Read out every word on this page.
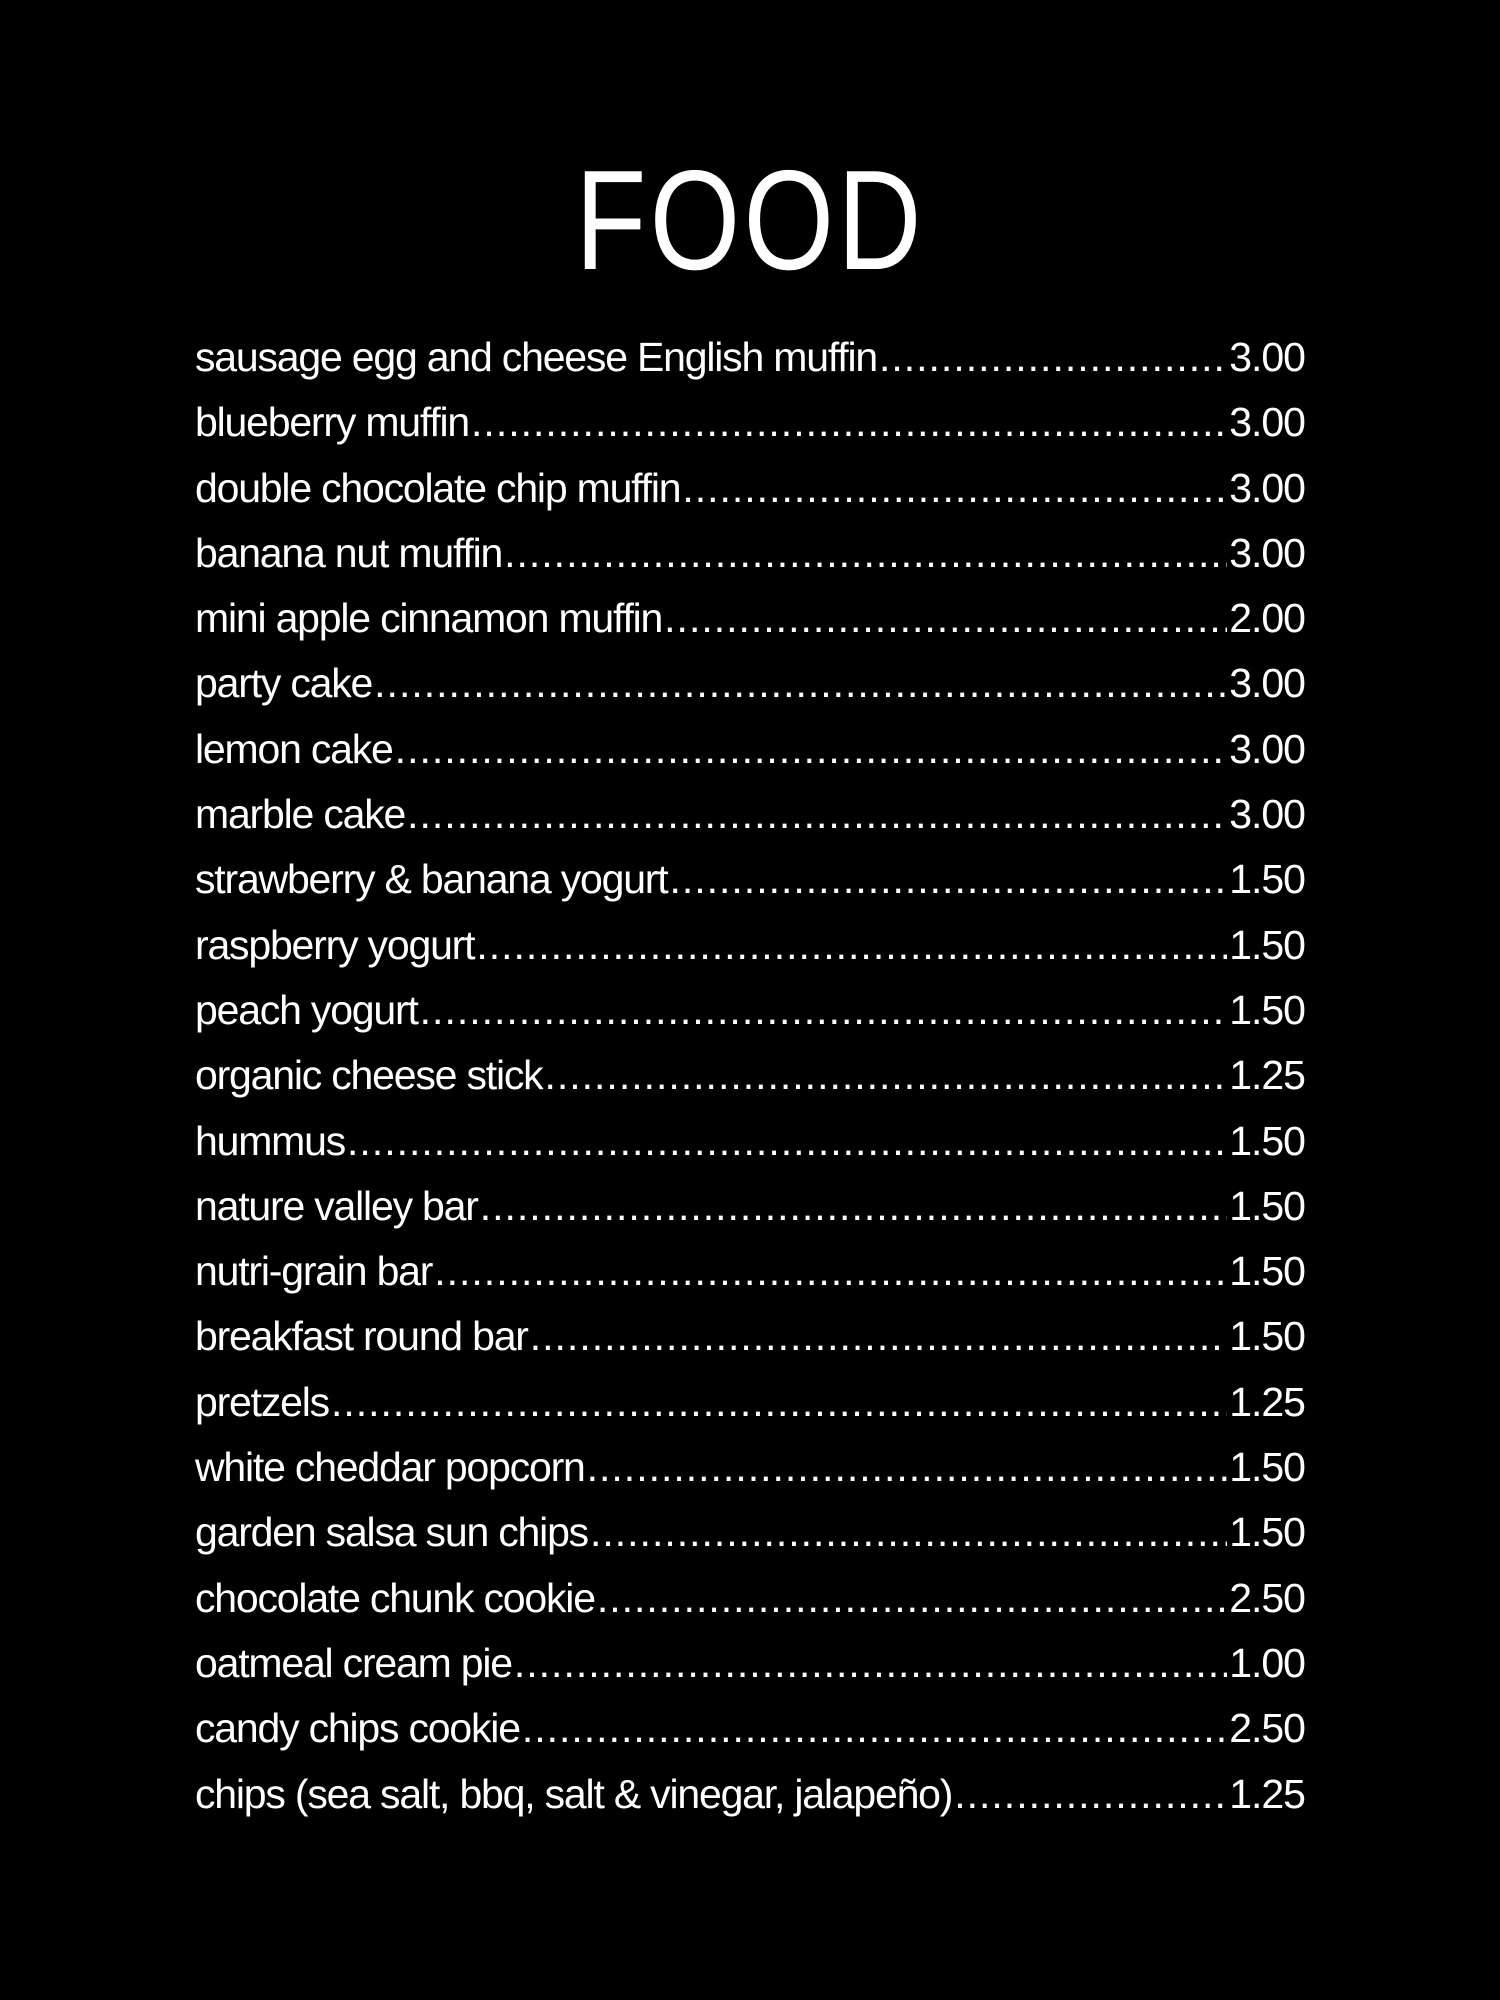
FOOD
sausage egg and cheese English muffin .....	3.00
blueberry muffin .....	3.00
double chocolate chip muffin .....	3.00
banana nut muffin .....	3.00
mini apple cinnamon muffin .....	2.00
party cake .....	3.00
lemon cake .....	3.00
marble cake .....	3.00
strawberry & banana yogurt .....	1.50
raspberry yogurt .....	1.50
peach yogurt .....	1.50
organic cheese stick .....	1.25
hummus .....	1.50
nature valley bar .....	1.50
nutri-grain bar .....	1.50
breakfast round bar .....	1.50
pretzels .....	1.25
white cheddar popcorn .....	1.50
garden salsa sun chips .....	1.50
chocolate chunk cookie .....	2.50
oatmeal cream pie .....	1.00
candy chips cookie .....	2.50
chips (sea salt, bbq, salt & vinegar, jalapeño) .....	1.25
